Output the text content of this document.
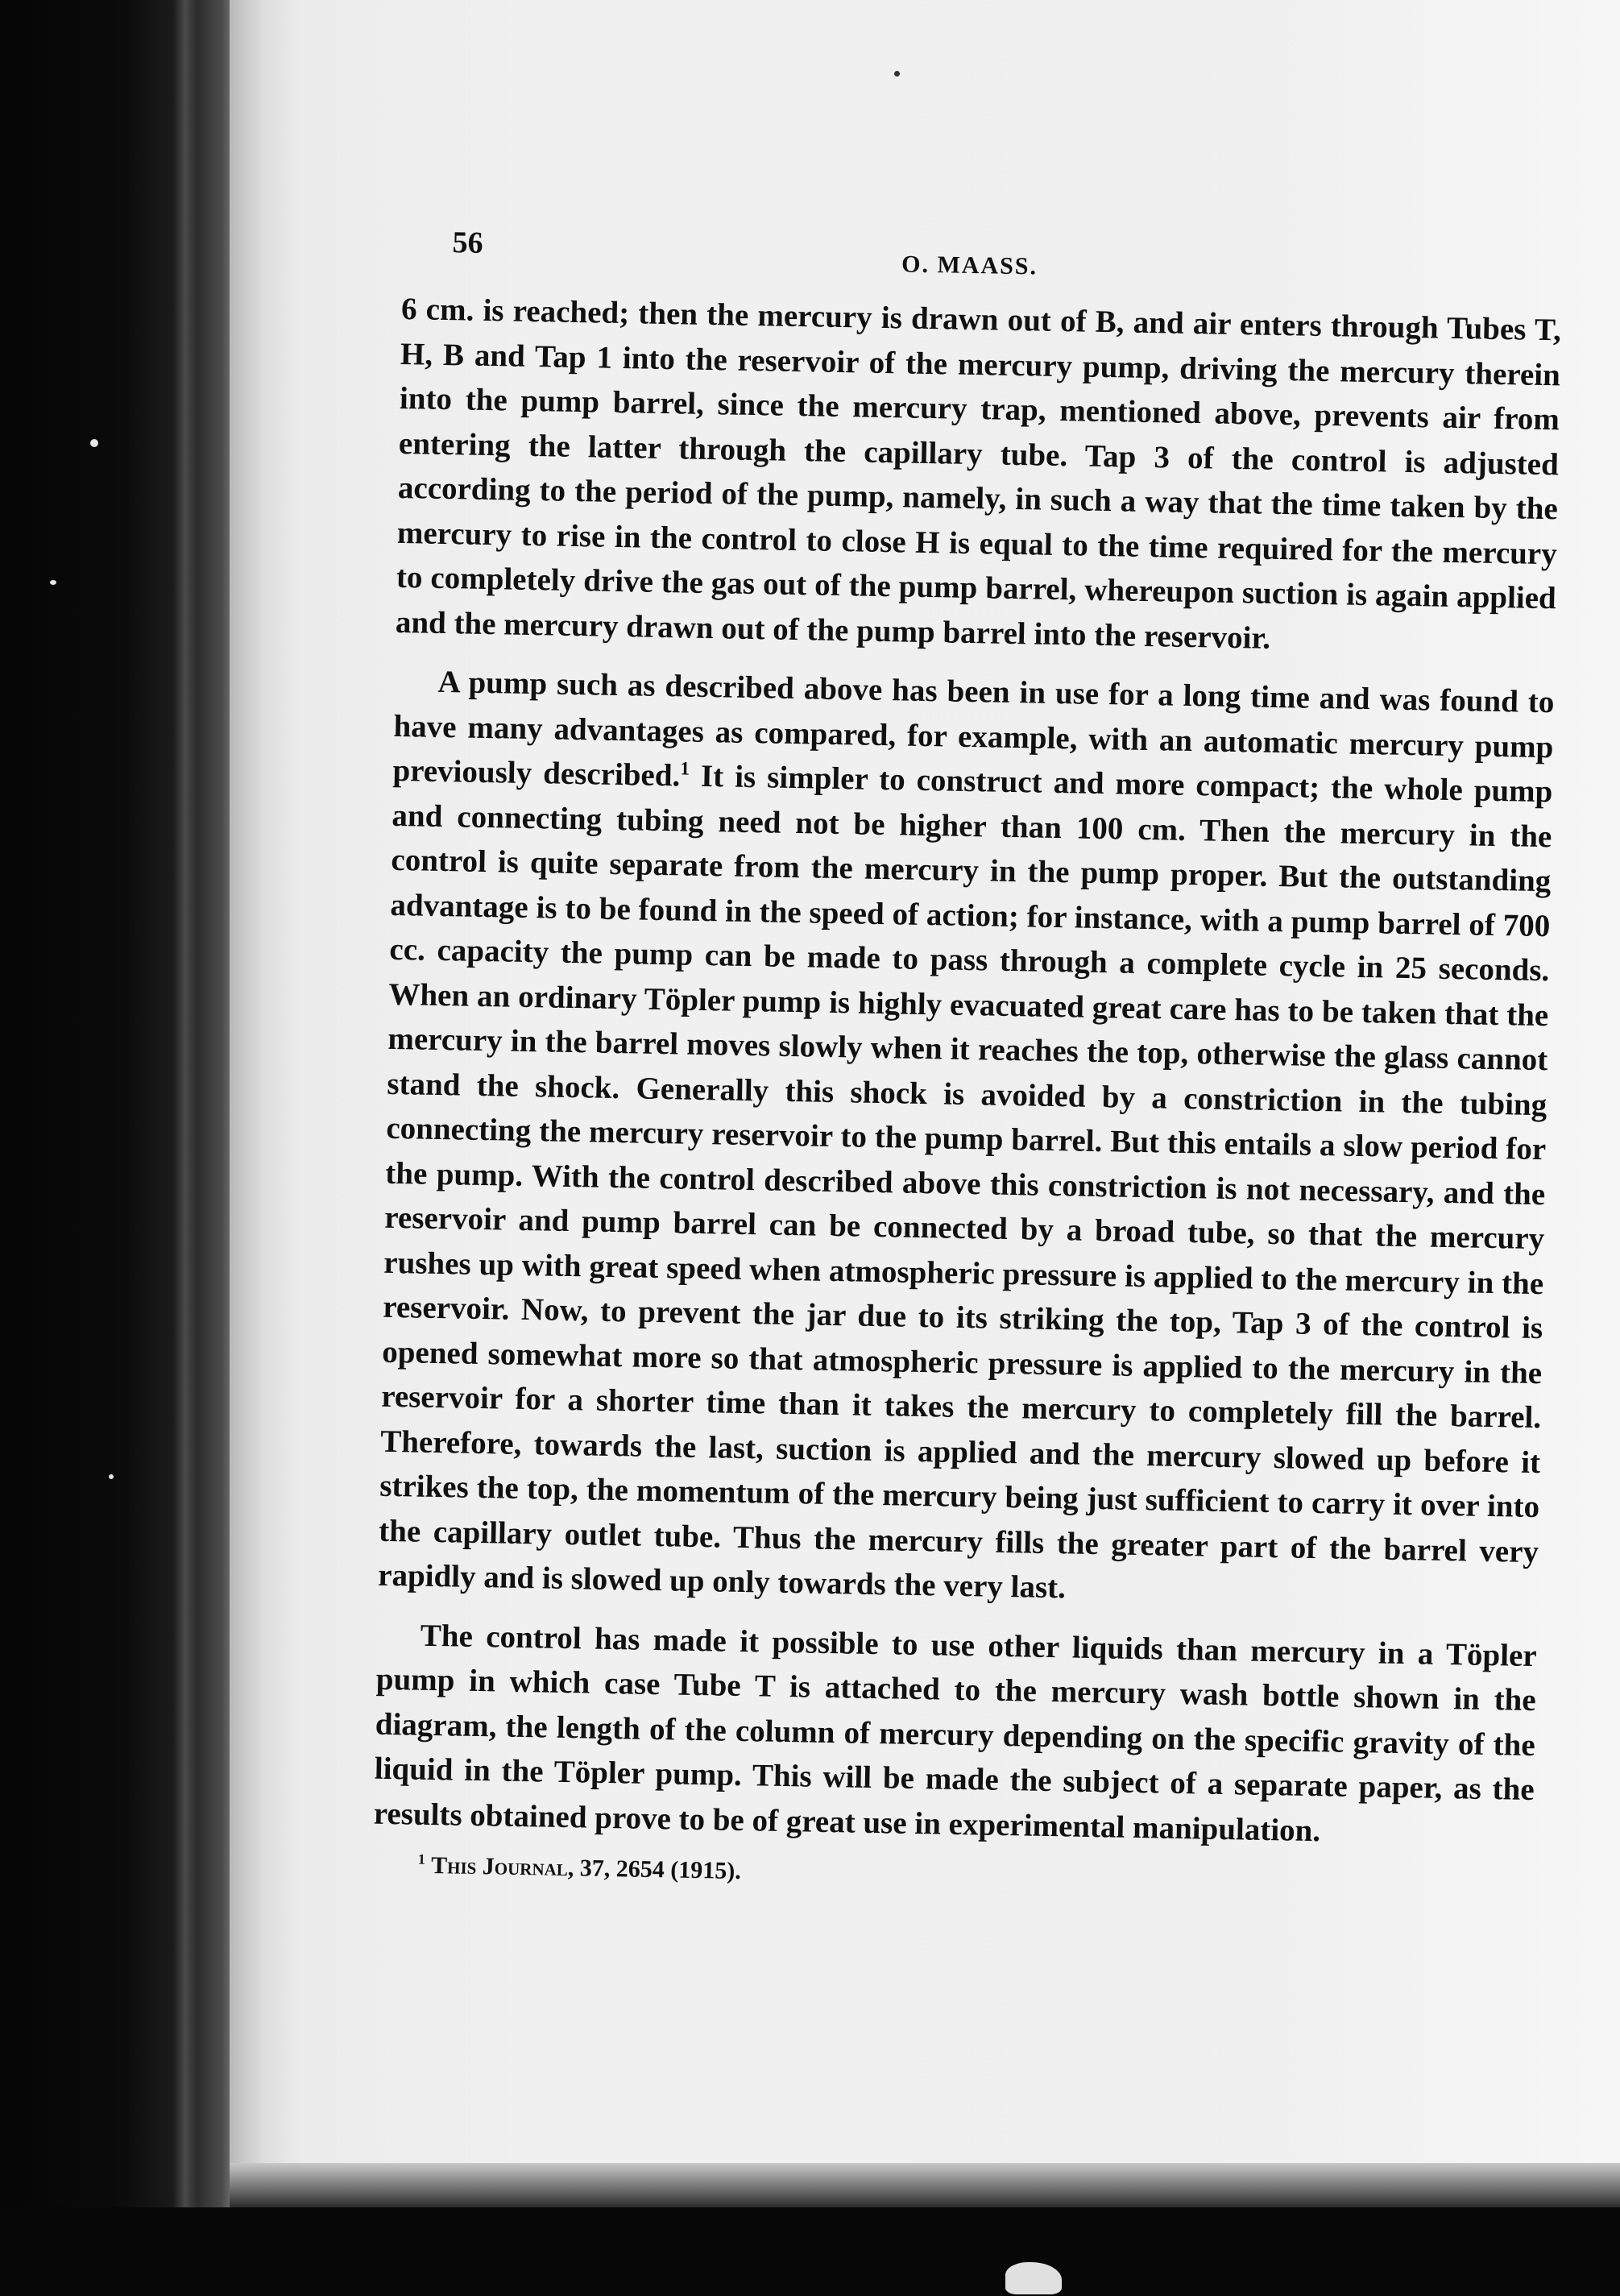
56
O. MAASS.

6 cm. is reached; then the mercury is drawn out of B, and air enters through Tubes T, H, B and Tap 1 into the reservoir of the mercury pump, driving the mercury therein into the pump barrel, since the mercury trap, mentioned above, prevents air from entering the latter through the capillary tube. Tap 3 of the control is adjusted according to the period of the pump, namely, in such a way that the time taken by the mercury to rise in the control to close H is equal to the time required for the mercury to completely drive the gas out of the pump barrel, whereupon suction is again applied and the mercury drawn out of the pump barrel into the reservoir.

A pump such as described above has been in use for a long time and was found to have many advantages as compared, for example, with an automatic mercury pump previously described.$^1$ It is simpler to construct and more compact; the whole pump and connecting tubing need not be higher than 100 cm. Then the mercury in the control is quite separate from the mercury in the pump proper. But the outstanding advantage is to be found in the speed of action; for instance, with a pump barrel of 700 cc. capacity the pump can be made to pass through a complete cycle in 25 seconds. When an ordinary Töpler pump is highly evacuated great care has to be taken that the mercury in the barrel moves slowly when it reaches the top, otherwise the glass cannot stand the shock. Generally this shock is avoided by a constriction in the tubing connecting the mercury reservoir to the pump barrel. But this entails a slow period for the pump. With the control described above this constriction is not necessary, and the reservoir and pump barrel can be connected by a broad tube, so that the mercury rushes up with great speed when atmospheric pressure is applied to the mercury in the reservoir. Now, to prevent the jar due to its striking the top, Tap 3 of the control is opened somewhat more so that atmospheric pressure is applied to the mercury in the reservoir for a shorter time than it takes the mercury to completely fill the barrel. Therefore, towards the last, suction is applied and the mercury slowed up before it strikes the top, the momentum of the mercury being just sufficient to carry it over into the capillary outlet tube. Thus the mercury fills the greater part of the barrel very rapidly and is slowed up only towards the very last.

The control has made it possible to use other liquids than mercury in a Töpler pump in which case Tube T is attached to the mercury wash bottle shown in the diagram, the length of the column of mercury depending on the specific gravity of the liquid in the Töpler pump. This will be made the subject of a separate paper, as the results obtained prove to be of great use in experimental manipulation.

$^1$ This Journal, 37, 2654 (1915).
